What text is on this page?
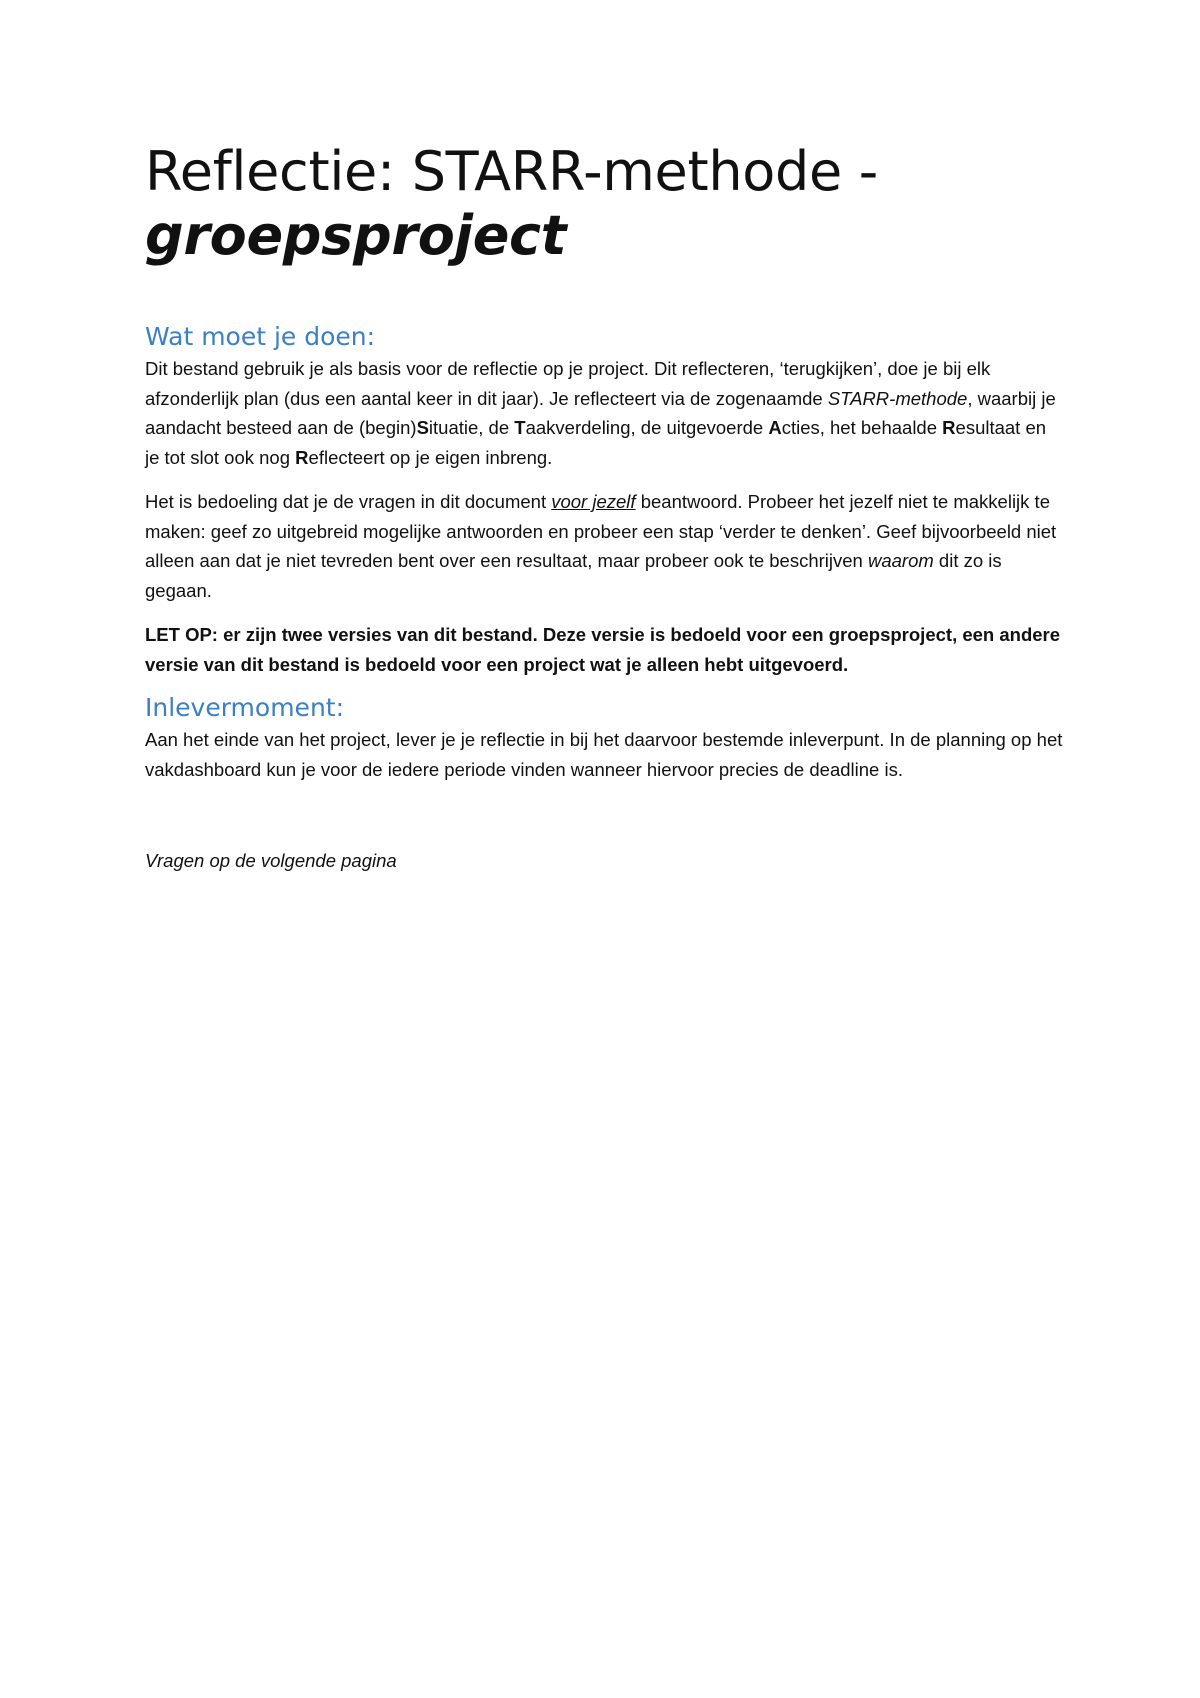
Reflectie: STARR-methode -
groepsproject
Wat moet je doen:

Dit bestand gebruik je als basis voor de reflectie op je project. Dit reflecteren, ‘terugkijken’, doe je bij elk afzonderlijk plan (dus een aantal keer in dit jaar). Je reflecteert via de zogenaamde STARR-methode, waarbij je aandacht besteed aan de (begin)Situatie, de Taakverdeling, de uitgevoerde Acties, het behaalde Resultaat en je tot slot ook nog Reflecteert op je eigen inbreng.

Het is bedoeling dat je de vragen in dit document voor jezelf beantwoord. Probeer het jezelf niet te makkelijk te maken: geef zo uitgebreid mogelijke antwoorden en probeer een stap ‘verder te denken’. Geef bijvoorbeeld niet alleen aan dat je niet tevreden bent over een resultaat, maar probeer ook te beschrijven waarom dit zo is gegaan.

LET OP: er zijn twee versies van dit bestand. Deze versie is bedoeld voor een groepsproject, een andere versie van dit bestand is bedoeld voor een project wat je alleen hebt uitgevoerd.

Inlevermoment:

Aan het einde van het project, lever je je reflectie in bij het daarvoor bestemde inleverpunt. In de planning op het vakdashboard kun je voor de iedere periode vinden wanneer hiervoor precies de deadline is.

Vragen op de volgende pagina
